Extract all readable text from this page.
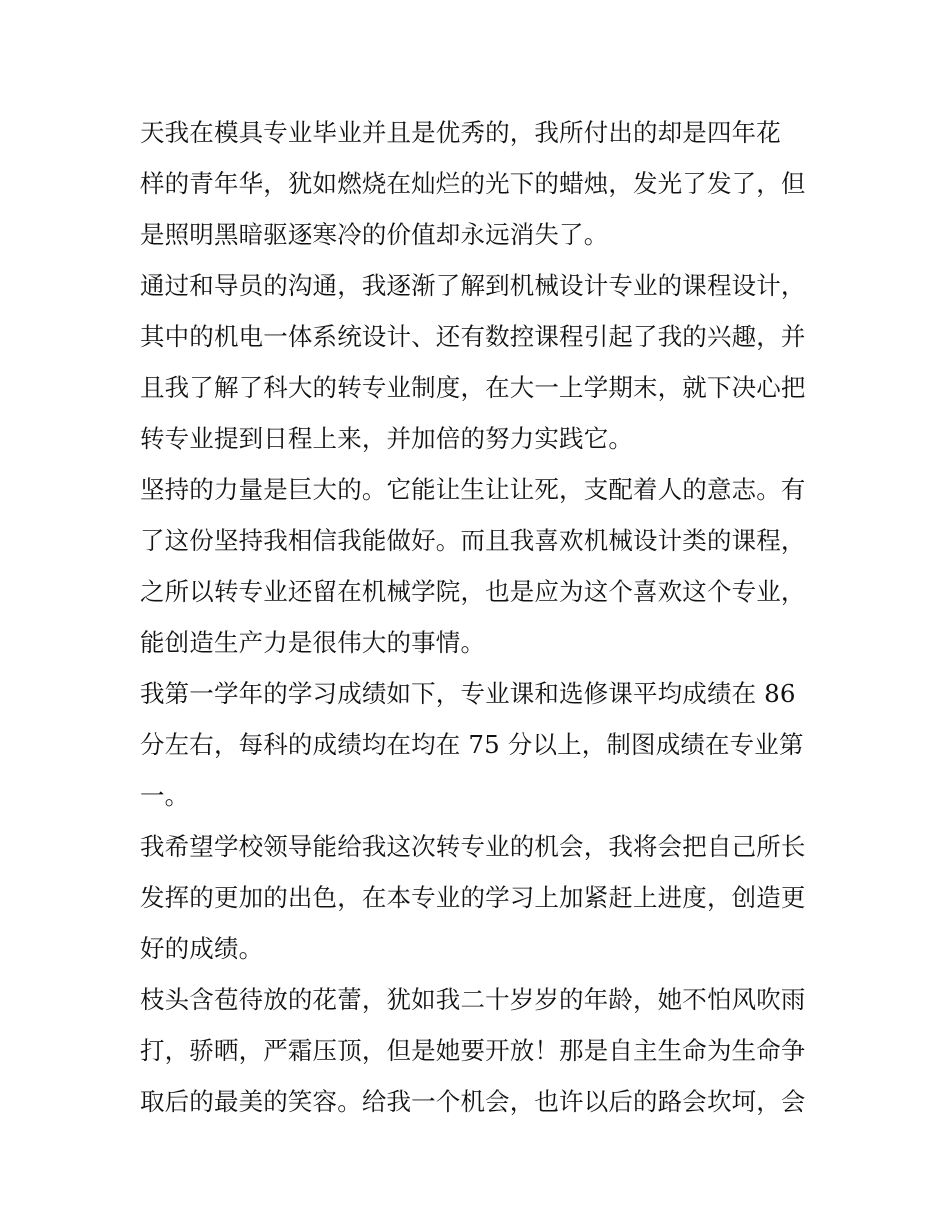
天我在模具专业毕业并且是优秀的，我所付出的却是四年花
样的青年华，犹如燃烧在灿烂的光下的蜡烛，发光了发了，但
是照明黑暗驱逐寒冷的价值却永远消失了。
通过和导员的沟通，我逐渐了解到机械设计专业的课程设计，
其中的机电一体系统设计、还有数控课程引起了我的兴趣，并
且我了解了科大的转专业制度，在大一上学期末，就下决心把
转专业提到日程上来，并加倍的努力实践它。
坚持的力量是巨大的。它能让生让让死，支配着人的意志。有
了这份坚持我相信我能做好。而且我喜欢机械设计类的课程，
之所以转专业还留在机械学院，也是应为这个喜欢这个专业，
能创造生产力是很伟大的事情。
我第一学年的学习成绩如下，专业课和选修课平均成绩在 86
分左右，每科的成绩均在均在 75 分以上，制图成绩在专业第
一。
我希望学校领导能给我这次转专业的机会，我将会把自己所长
发挥的更加的出色，在本专业的学习上加紧赶上进度，创造更
好的成绩。
枝头含苞待放的花蕾，犹如我二十岁岁的年龄，她不怕风吹雨
打，骄晒，严霜压顶，但是她要开放！那是自主生命为生命争
取后的最美的笑容。给我一个机会，也许以后的路会坎坷，会
